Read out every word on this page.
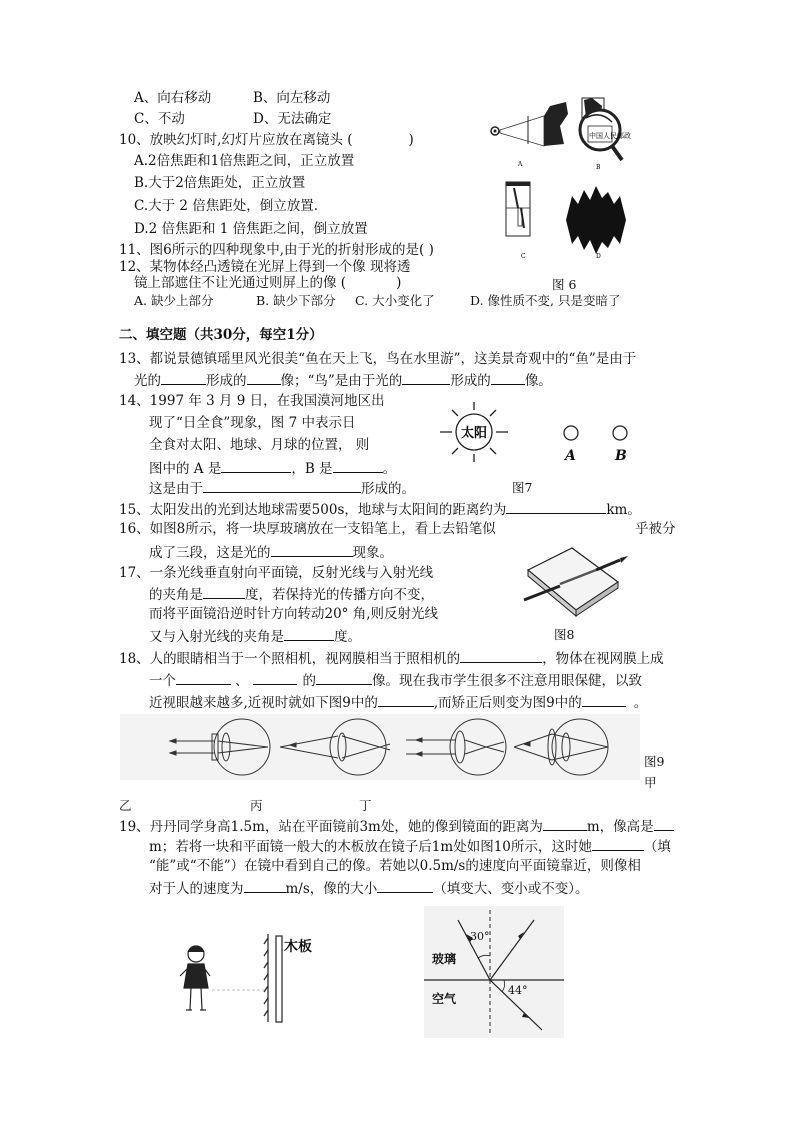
A、向右移动	B、向左移动
C、不动	D、无法确定
10、放映幻灯时,幻灯片应放在离镜头 (	)
A.2倍焦距和1倍焦距之间，正立放置
B.大于2倍焦距处，正立放置
C.大于 2 倍焦距处，倒立放置.
D.2 倍焦距和 1 倍焦距之间，倒立放置
11、图6所示的四种现象中,由于光的折射形成的是( )
12、某物体经凸透镜在光屏上得到一个像 现将透
镜上部遮住不让光通过则屏上的像 (	)
A. 缺少上部分	B. 缺少下部分 C. 大小变化了	D. 像性质不变, 只是变暗了
中国人民邮政
A	B
C	D
图 6
二、填空题（共30分，每空1分）
13、都说景德镇瑶里风光很美“鱼在天上飞，鸟在水里游”，这美景奇观中的“鱼”是由于
光的	形成的	像；“鸟”是由于光的	形成的	像。
14、1997 年 3 月 9 日，在我国漠河地区出
现了“日全食”现象，图 7 中表示日
全食对太阳、地球、月球的位置， 则
图中的 A 是	，B 是	。
这是由于	形成的。
太阳
A	B
图7
15、太阳发出的光到达地球需要500s，地球与太阳间的距离约为	km。
16、如图8所示，将一块厚玻璃放在一支铅笔上，看上去铅笔似	乎被分
成了三段，这是光的	现象。
图8
17、一条光线垂直射向平面镜，反射光线与入射光线
的夹角是	度，若保持光的传播方向不变，
而将平面镜沿逆时针方向转动20° 角,则反射光线
又与入射光线的夹角是	度。
18、人的眼睛相当于一个照相机，视网膜相当于照相机的	，物体在视网膜上成
一个	、	的	像。现在我市学生很多不注意用眼保健，以致
近视眼越来越多,近视时就如下图9中的	,而矫正后则变为图9中的	。
图9
甲
乙	丙	丁
19、丹丹同学身高1.5m，站在平面镜前3m处，她的像到镜面的距离为	m，像高是
m；若将一块和平面镜一般大的木板放在镜子后1m处如图10所示，这时她	（填
“能”或“不能”）在镜中看到自己的像。若她以0.5m/s的速度向平面镜靠近，则像相
对于人的速度为	m/s，像的大小	（填变大、变小或不变）。
木板
30°
44°
玻璃
空气
